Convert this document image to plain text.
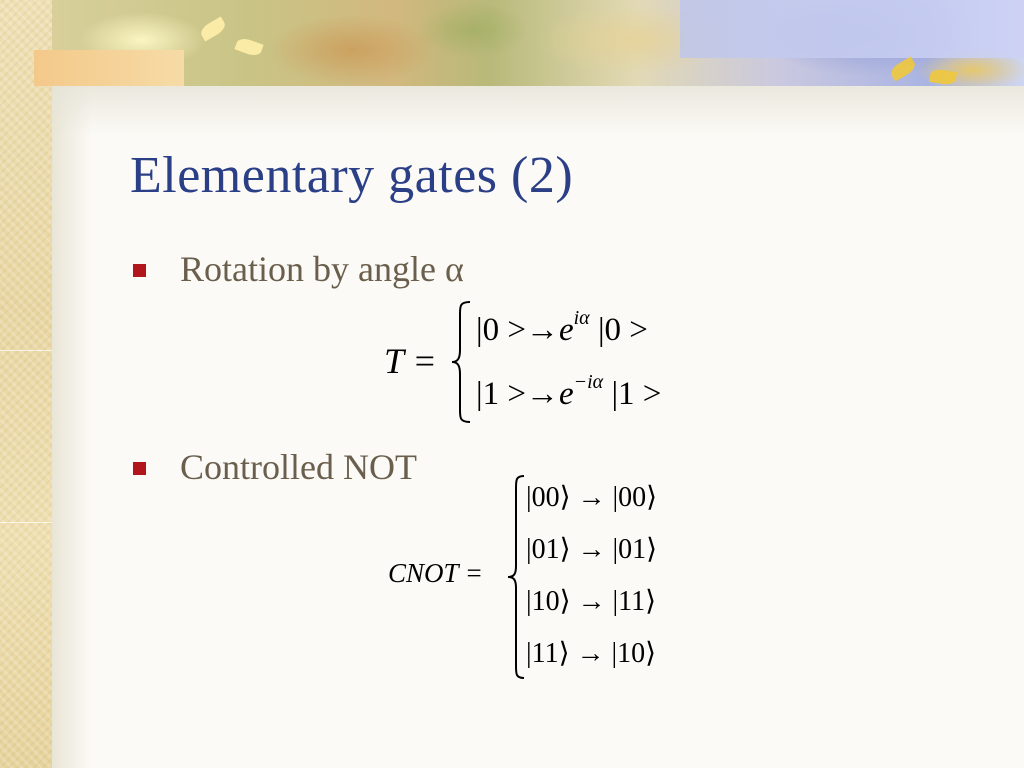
Elementary gates (2)
Rotation by angle α
T =
$|0 >\to e^{i\alpha}$ |0 >
$|1 >\to e^{-i\alpha}$ |1 >
Controlled NOT
CNOT =
|00⟩ → |00⟩
|01⟩ → |01⟩
|10⟩ → |11⟩
|11⟩ → |10⟩
